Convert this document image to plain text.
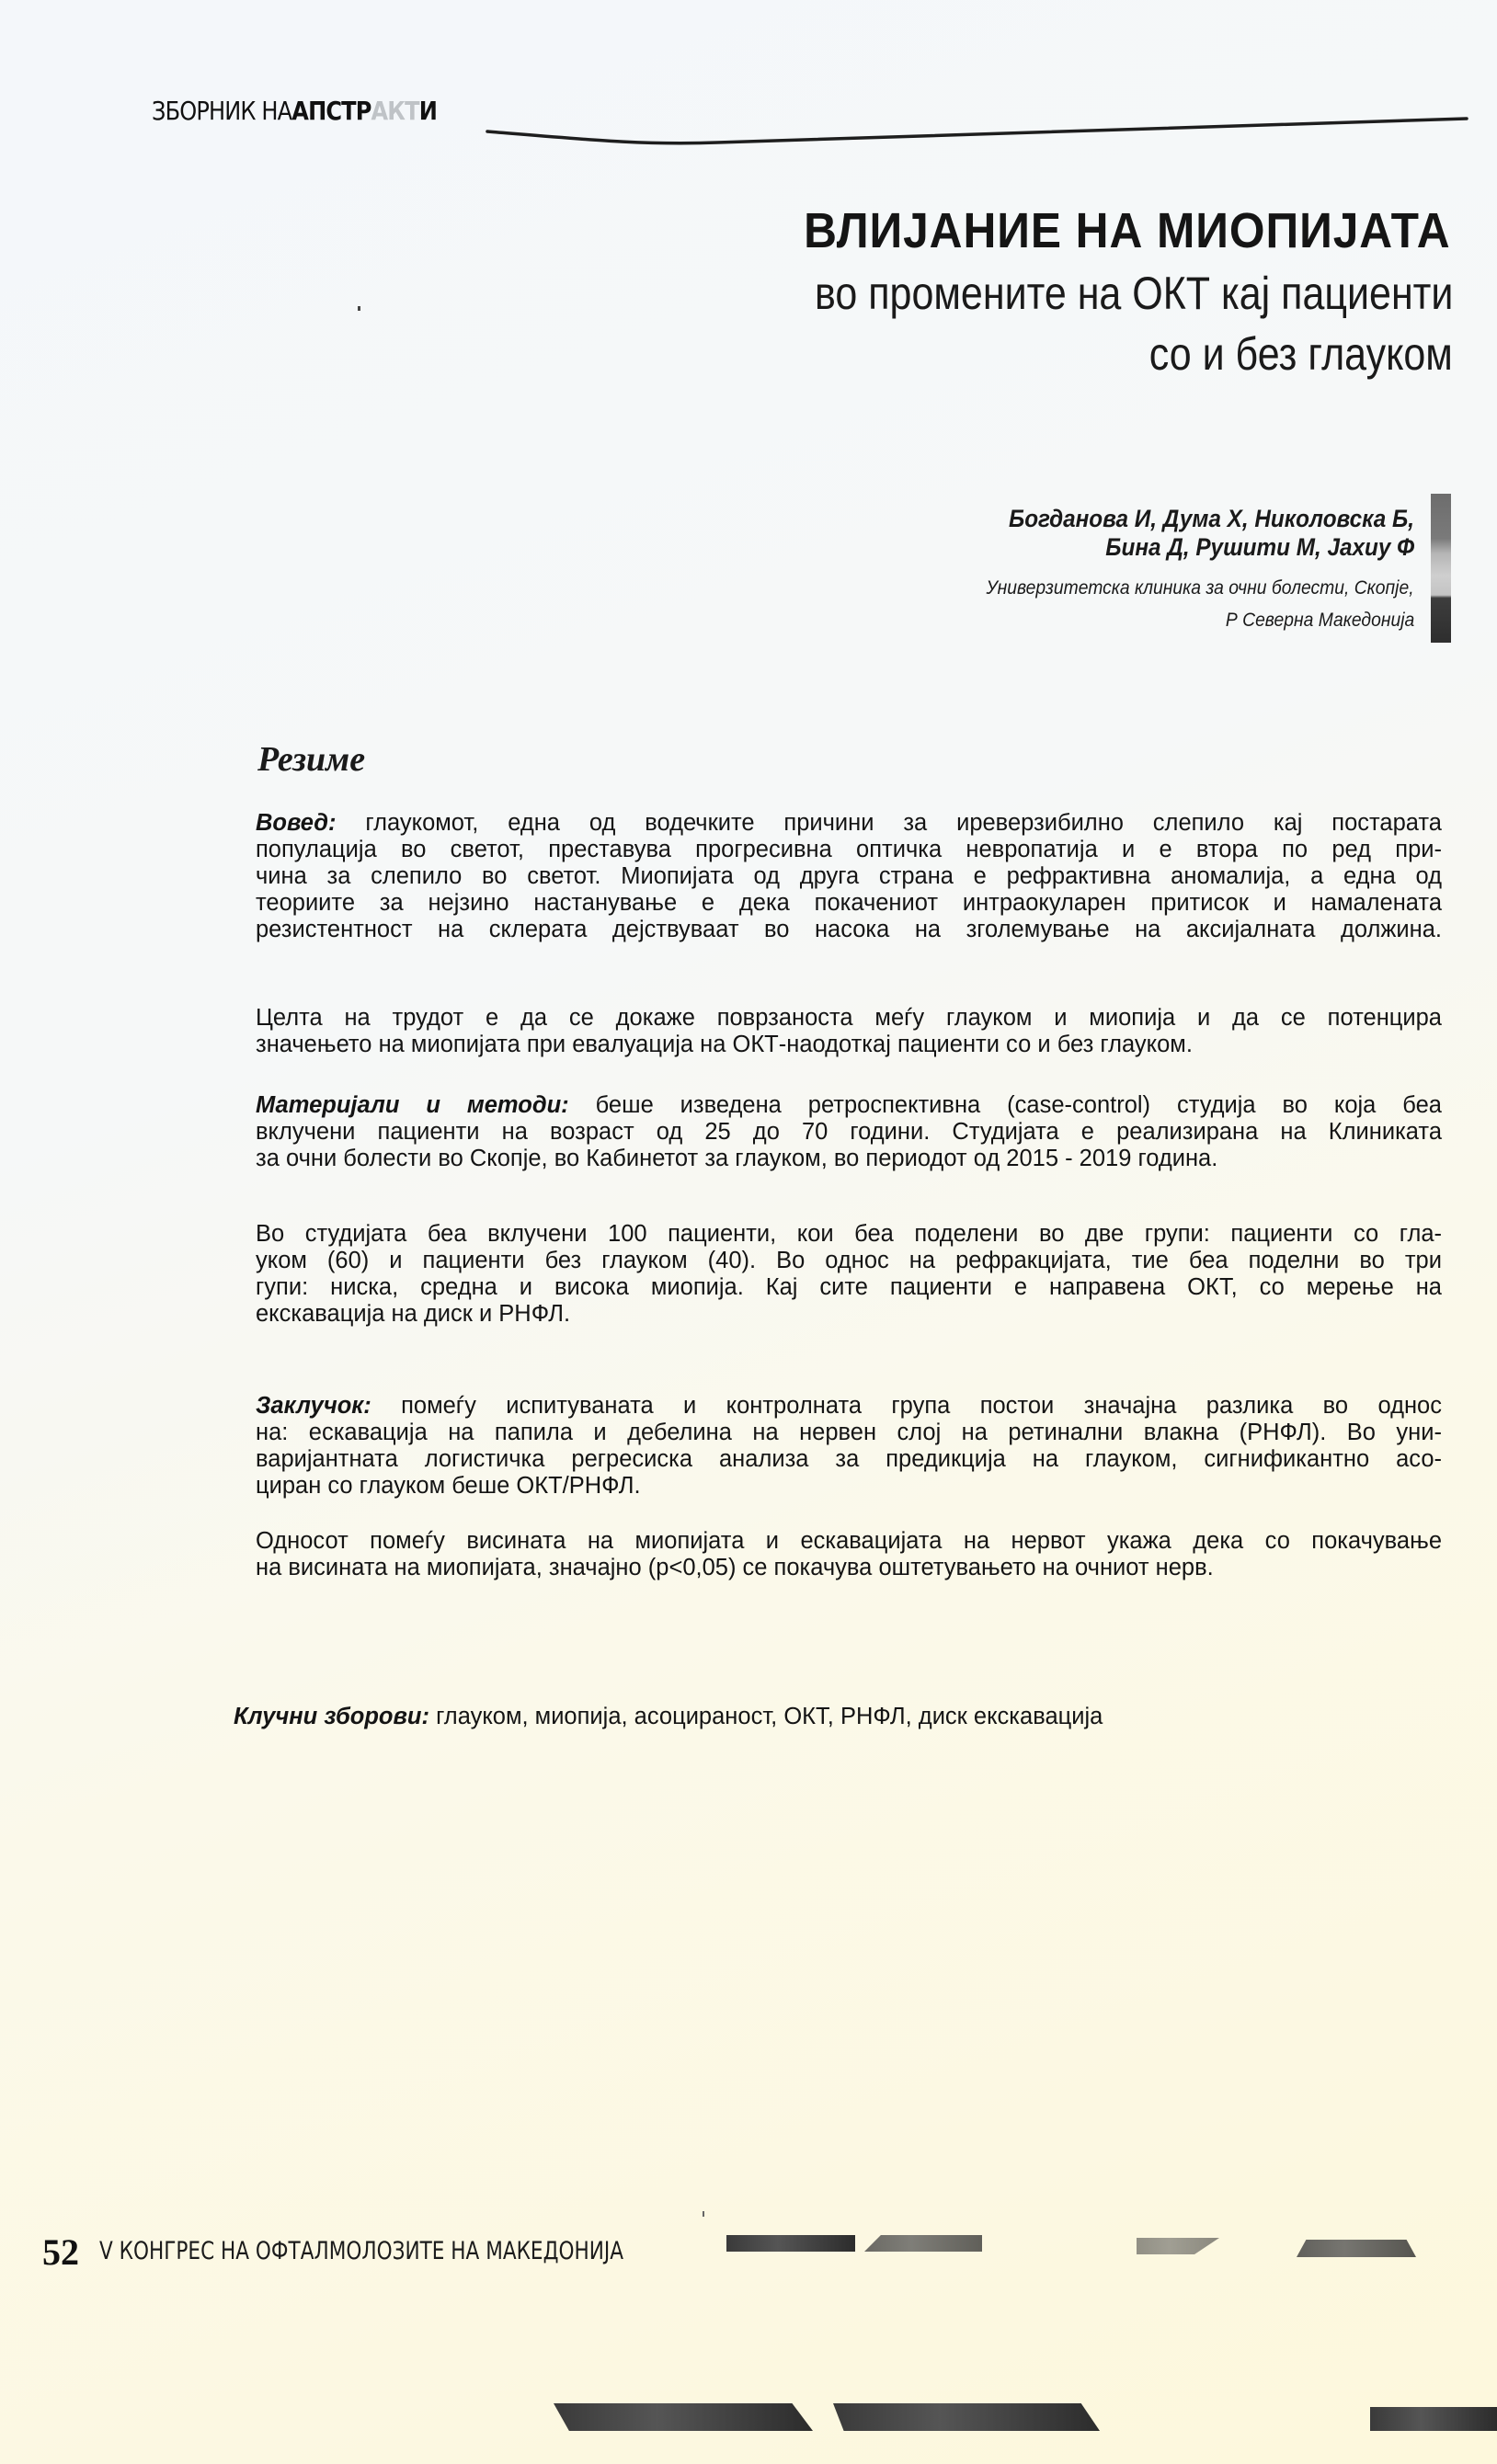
ЗБОРНИК НААПСТРАКТИ
ВЛИЈАНИЕ НА МИОПИЈАТА
во промените на ОКТ кај пациенти
со и без глауком
Богданова И, Дума Х, Николовска Б,
Бина Д, Рушити М, Јахиу Ф
Универзитетска клиника за очни болести, Скопје,
Р Северна Македонија
Резиме
Вовед: глаукомот, една од водечките причини за иреверзибилно слепило кај постарата
популација во светот, преставува прогресивна оптичка невропатија и е втора по ред при-
чина за слепило во светот. Миопијата од друга страна е рефрактивна аномалија, а една од
теориите за нејзино настанување е дека покачениот интраокуларен притисок и намалената
резистентност на склерата дејствуваат во насока на зголемување на аксијалната должина.
Целта на трудот е да се докаже поврзаноста меѓу глауком и миопија и да се потенцира
значењето на миопијата при евалуација на ОКТ-наодоткај пациенти со и без глауком.
Материјали и методи: беше изведена ретроспективна (case-control) студија во која беа
вклучени пациенти на возраст од 25 до 70 години. Студијата е реализирана на Клиниката
за очни болести во Скопје, во Кабинетот за глауком, во периодот од 2015 - 2019 година.
Во студијата беа вклучени 100 пациенти, кои беа поделени во две групи: пациенти со гла-
уком (60) и пациенти без глауком (40). Во однос на рефракцијата, тие беа поделни во три
гупи: ниска, средна и висока миопија. Кај сите пациенти е направена ОКТ, со мерење на
екскавација на диск и РНФЛ.
Заклучок: помеѓу испитуваната и контролната група постои значајна разлика во однос
на: ескавација на папила и дебелина на нервен слој на ретинални влакна (РНФЛ). Во уни-
варијантната логистичка регресиска анализа за предикција на глауком, сигнификантно асо-
циран со глауком беше ОКТ/РНФЛ.
Односот помеѓу висината на миопијата и ескавацијата на нервот укажа дека со покачување
на висината на миопијата, значајно (p<0,05) се покачува оштетувањето на очниот нерв.
Клучни зборови: глауком, миопија, асоцираност, ОКТ, РНФЛ, диск екскавација
52 V КОНГРЕС НА ОФТАЛМОЛОЗИТЕ НА МАКЕДОНИЈА
